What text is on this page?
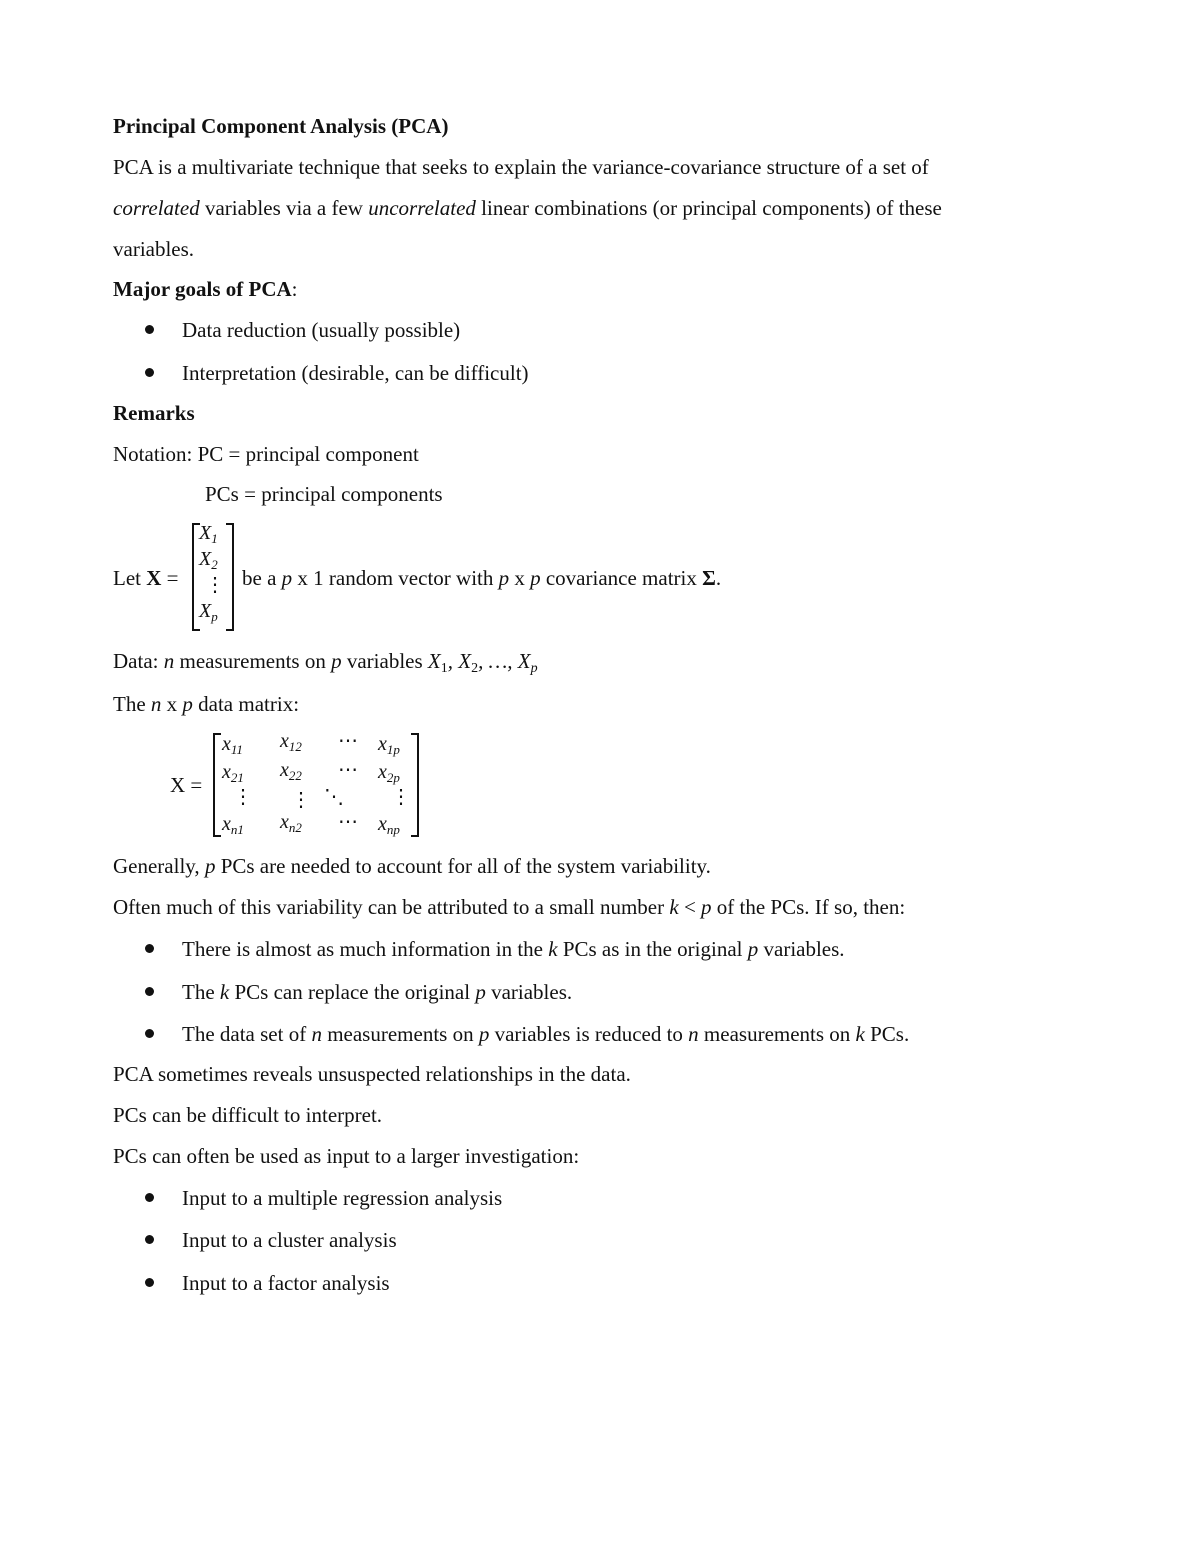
Principal Component Analysis (PCA)
PCA is a multivariate technique that seeks to explain the variance-covariance structure of a set of
correlated variables via a few uncorrelated linear combinations (or principal components) of these
variables.
Major goals of PCA:
Data reduction (usually possible)
Interpretation (desirable, can be difficult)
Remarks
Notation: PC = principal component
PCs = principal components
Let X =
$X_1$
$X_2$
⋮
$X_p$
be a p x 1 random vector with p x p covariance matrix Σ.
Data: n measurements on p variables $X_1$, $X_2$, …, $X_p$
The n x p data matrix:
X =
$x_{11}$ $x_{12}$ ⋯ $x_{1p}$
$x_{21}$ $x_{22}$ ⋯ $x_{2p}$
⋮ ⋮ ⋱ ⋮
$x_{n1}$ $x_{n2}$ ⋯ $x_{np}$
Generally, p PCs are needed to account for all of the system variability.
Often much of this variability can be attributed to a small number k < p of the PCs. If so, then:
There is almost as much information in the k PCs as in the original p variables.
The k PCs can replace the original p variables.
The data set of n measurements on p variables is reduced to n measurements on k PCs.
PCA sometimes reveals unsuspected relationships in the data.
PCs can be difficult to interpret.
PCs can often be used as input to a larger investigation:
Input to a multiple regression analysis
Input to a cluster analysis
Input to a factor analysis
